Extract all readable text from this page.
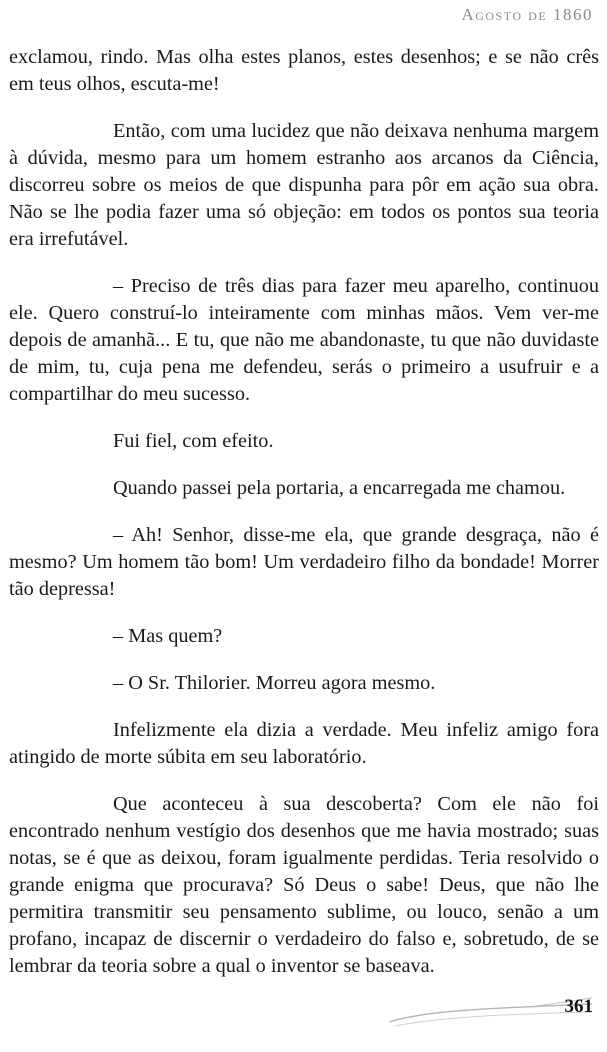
Agosto de 1860

exclamou, rindo. Mas olha estes planos, estes desenhos; e se não crês em teus olhos, escuta-me!

Então, com uma lucidez que não deixava nenhuma margem à dúvida, mesmo para um homem estranho aos arcanos da Ciência, discorreu sobre os meios de que dispunha para pôr em ação sua obra. Não se lhe podia fazer uma só objeção: em todos os pontos sua teoria era irrefutável.

– Preciso de três dias para fazer meu aparelho, continuou ele. Quero construí-lo inteiramente com minhas mãos. Vem ver-me depois de amanhã... E tu, que não me abandonaste, tu que não duvidaste de mim, tu, cuja pena me defendeu, serás o primeiro a usufruir e a compartilhar do meu sucesso.

Fui fiel, com efeito.

Quando passei pela portaria, a encarregada me chamou.

– Ah! Senhor, disse-me ela, que grande desgraça, não é mesmo? Um homem tão bom! Um verdadeiro filho da bondade! Morrer tão depressa!

– Mas quem?

– O Sr. Thilorier. Morreu agora mesmo.

Infelizmente ela dizia a verdade. Meu infeliz amigo fora atingido de morte súbita em seu laboratório.

Que aconteceu à sua descoberta? Com ele não foi encontrado nenhum vestígio dos desenhos que me havia mostrado; suas notas, se é que as deixou, foram igualmente perdidas. Teria resolvido o grande enigma que procurava? Só Deus o sabe! Deus, que não lhe permitira transmitir seu pensamento sublime, ou louco, senão a um profano, incapaz de discernir o verdadeiro do falso e, sobretudo, de se lembrar da teoria sobre a qual o inventor se baseava.

361
